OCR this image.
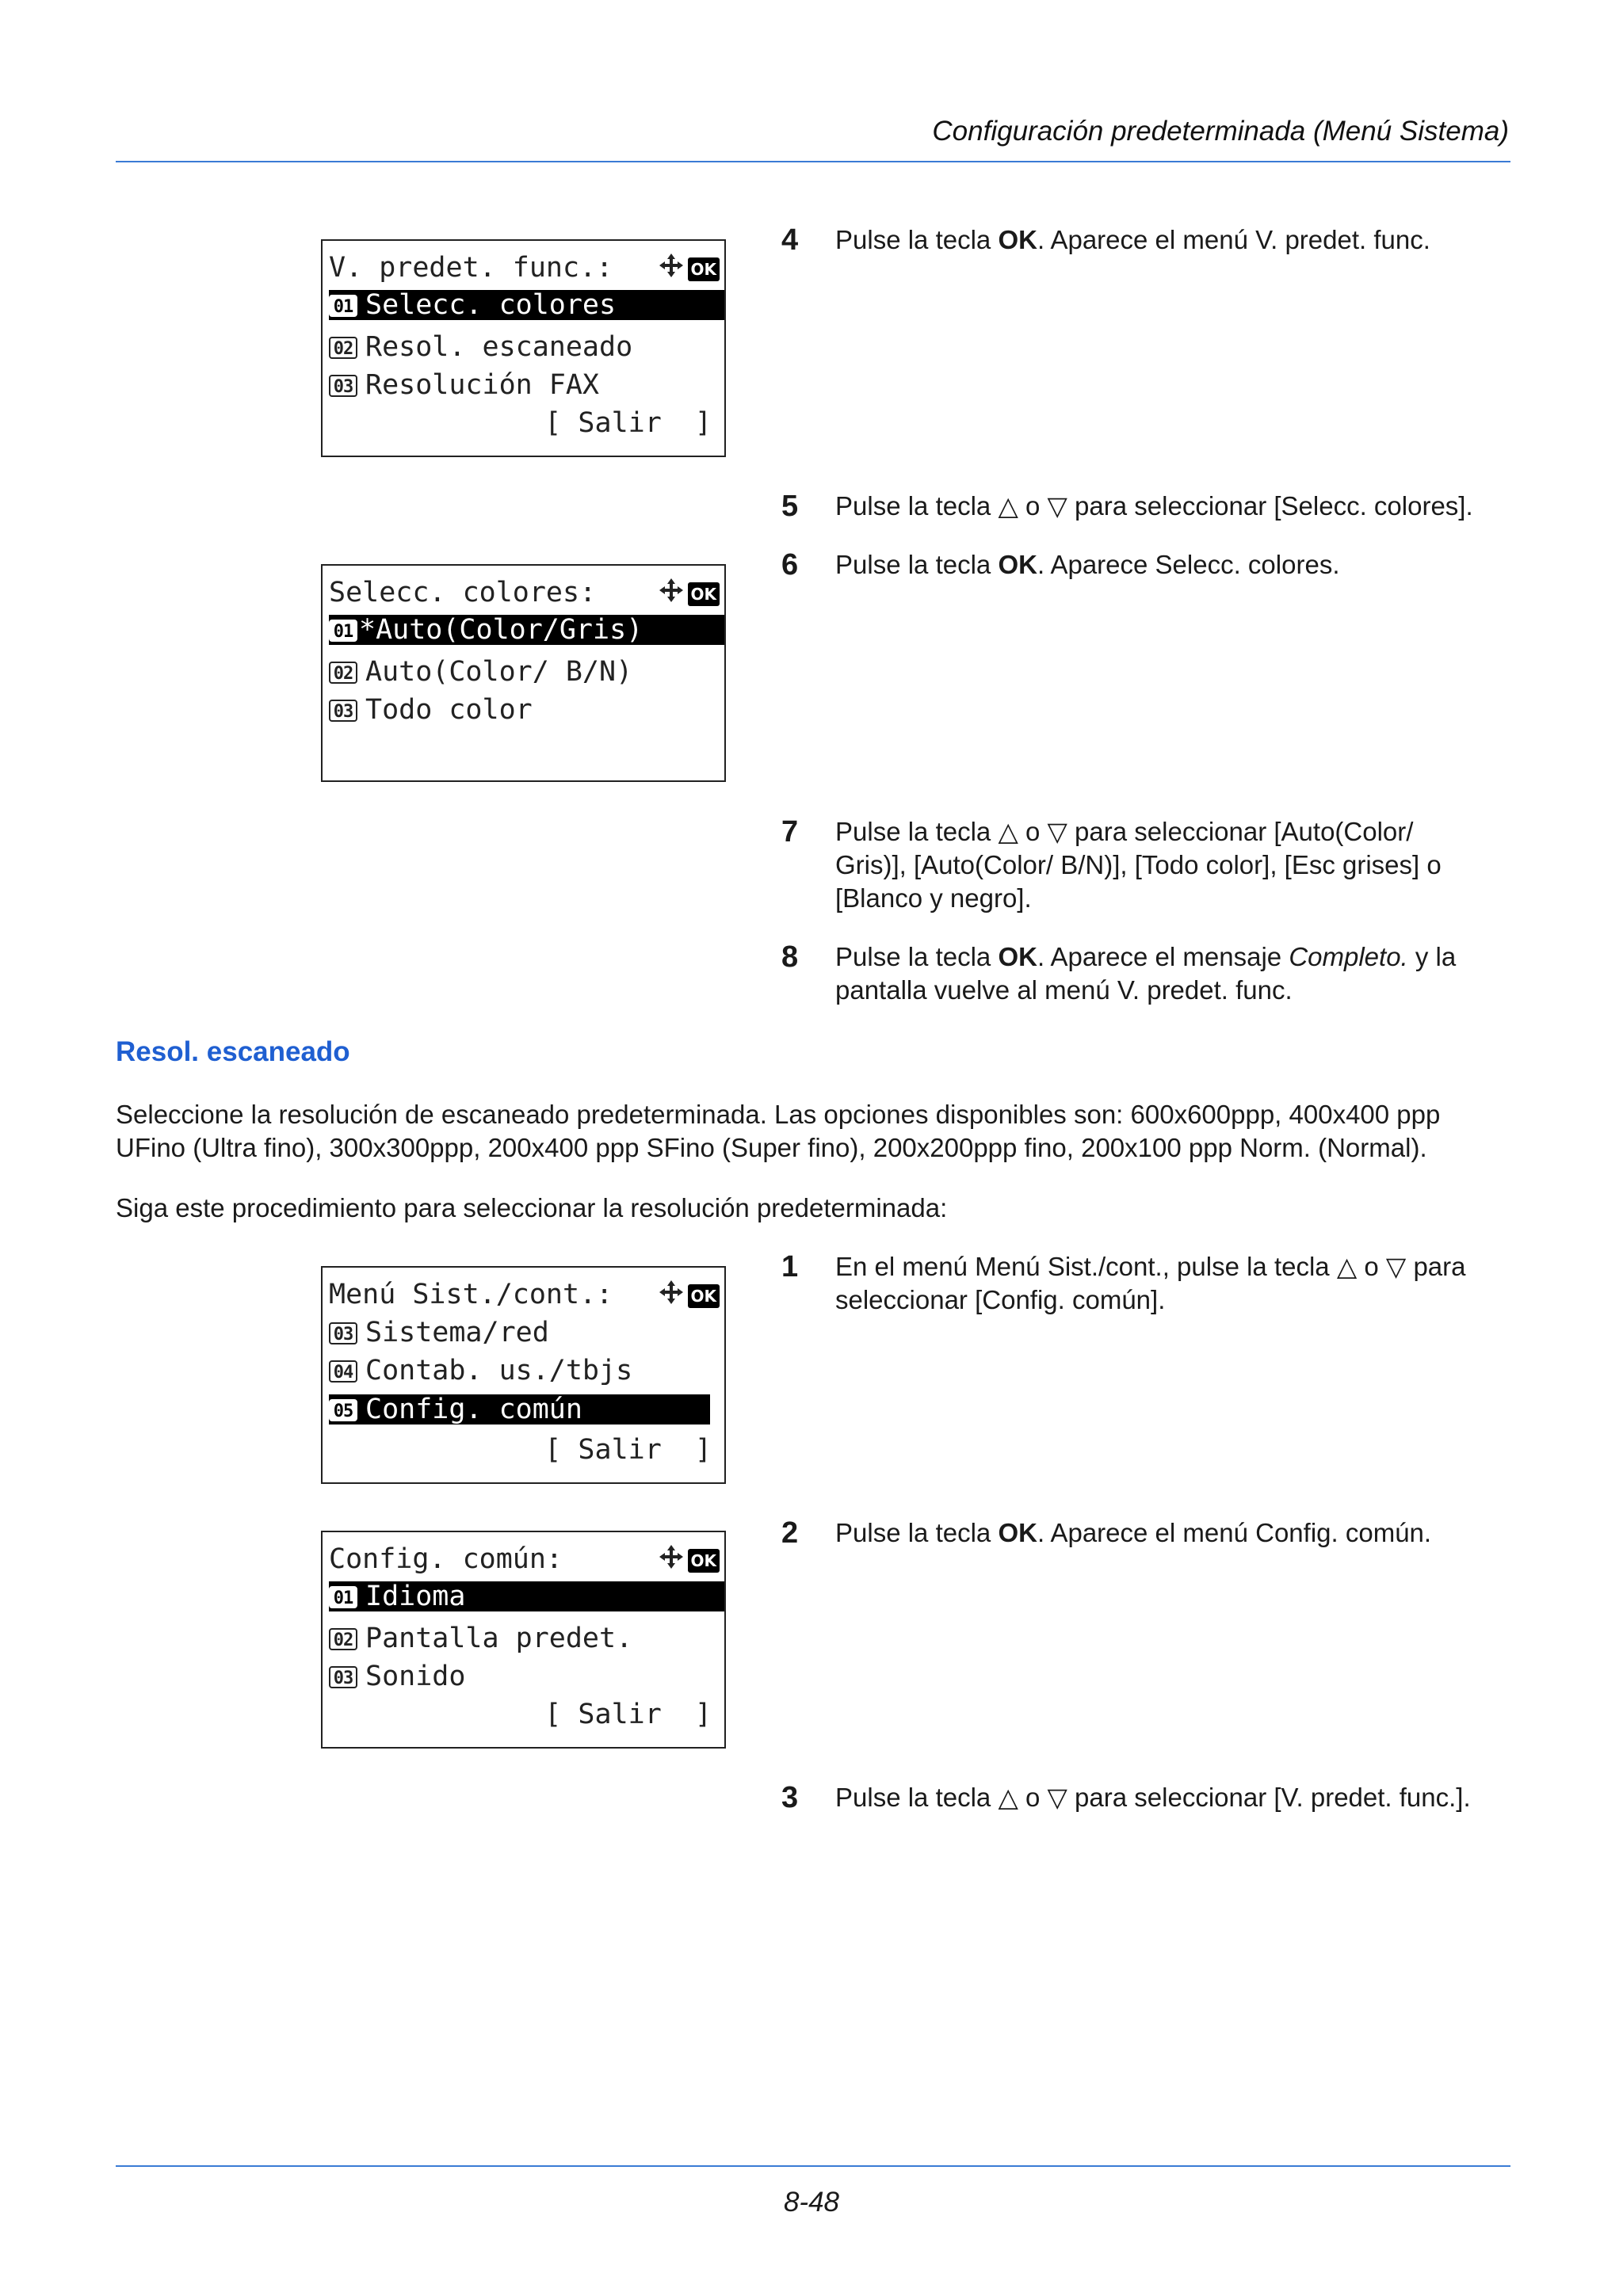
Configuración predeterminada (Menú Sistema)
V. predet. func.:	OK
01 Selecc. colores
02 Resol. escaneado
03 Resolución FAX
[ Salir  ]
Selecc. colores:	OK
01 *Auto(Color/Gris)
02 Auto(Color/ B/N)
03 Todo color
4 Pulse la tecla OK. Aparece el menú V. predet. func.
5 Pulse la tecla △ o ▽ para seleccionar [Selecc. colores].
6 Pulse la tecla OK. Aparece Selecc. colores.
7 Pulse la tecla △ o ▽ para seleccionar [Auto(Color/ Gris)], [Auto(Color/ B/N)], [Todo color], [Esc grises] o [Blanco y negro].
8 Pulse la tecla OK. Aparece el mensaje Completo. y la pantalla vuelve al menú V. predet. func.
Resol. escaneado
Seleccione la resolución de escaneado predeterminada. Las opciones disponibles son: 600x600ppp, 400x400 ppp UFino (Ultra fino), 300x300ppp, 200x400 ppp SFino (Super fino), 200x200ppp fino, 200x100 ppp Norm. (Normal).
Siga este procedimiento para seleccionar la resolución predeterminada:
Menú Sist./cont.:	OK
03 Sistema/red
04 Contab. us./tbjs
05 Config. común
[ Salir  ]
Config. común:	OK
01 Idioma
02 Pantalla predet.
03 Sonido
[ Salir  ]
1 En el menú Menú Sist./cont., pulse la tecla △ o ▽ para seleccionar [Config. común].
2 Pulse la tecla OK. Aparece el menú Config. común.
3 Pulse la tecla △ o ▽ para seleccionar [V. predet. func.].
8-48
